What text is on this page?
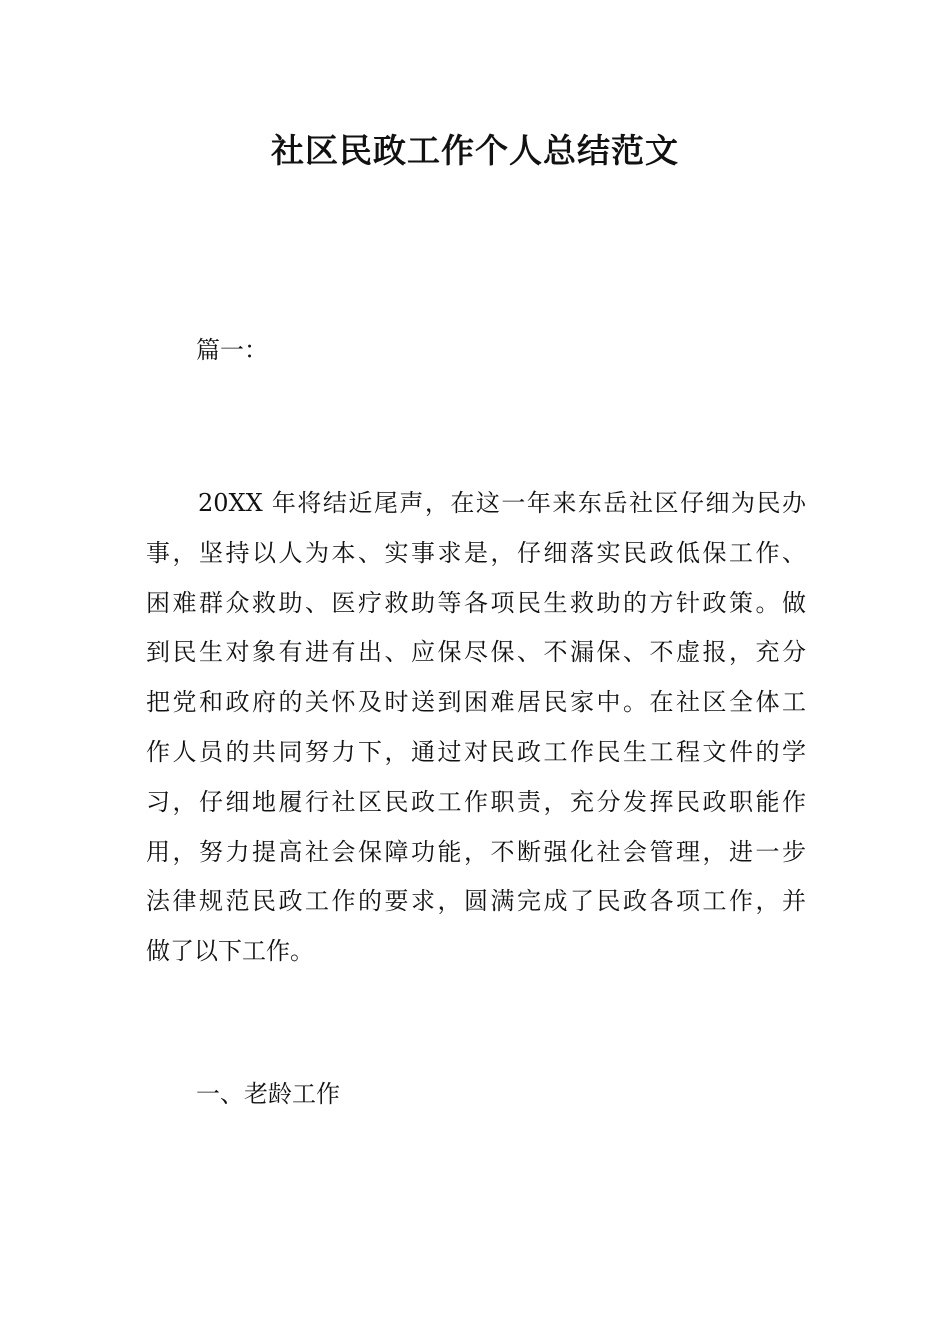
社区民政工作个人总结范文

篇一：

20XX 年将结近尾声，在这一年来东岳社区仔细为民办
事，坚持以人为本、实事求是，仔细落实民政低保工作、
困难群众救助、医疗救助等各项民生救助的方针政策。做
到民生对象有进有出、应保尽保、不漏保、不虚报，充分
把党和政府的关怀及时送到困难居民家中。在社区全体工
作人员的共同努力下，通过对民政工作民生工程文件的学
习，仔细地履行社区民政工作职责，充分发挥民政职能作
用，努力提高社会保障功能，不断强化社会管理，进一步
法律规范民政工作的要求，圆满完成了民政各项工作，并
做了以下工作。

一、老龄工作
